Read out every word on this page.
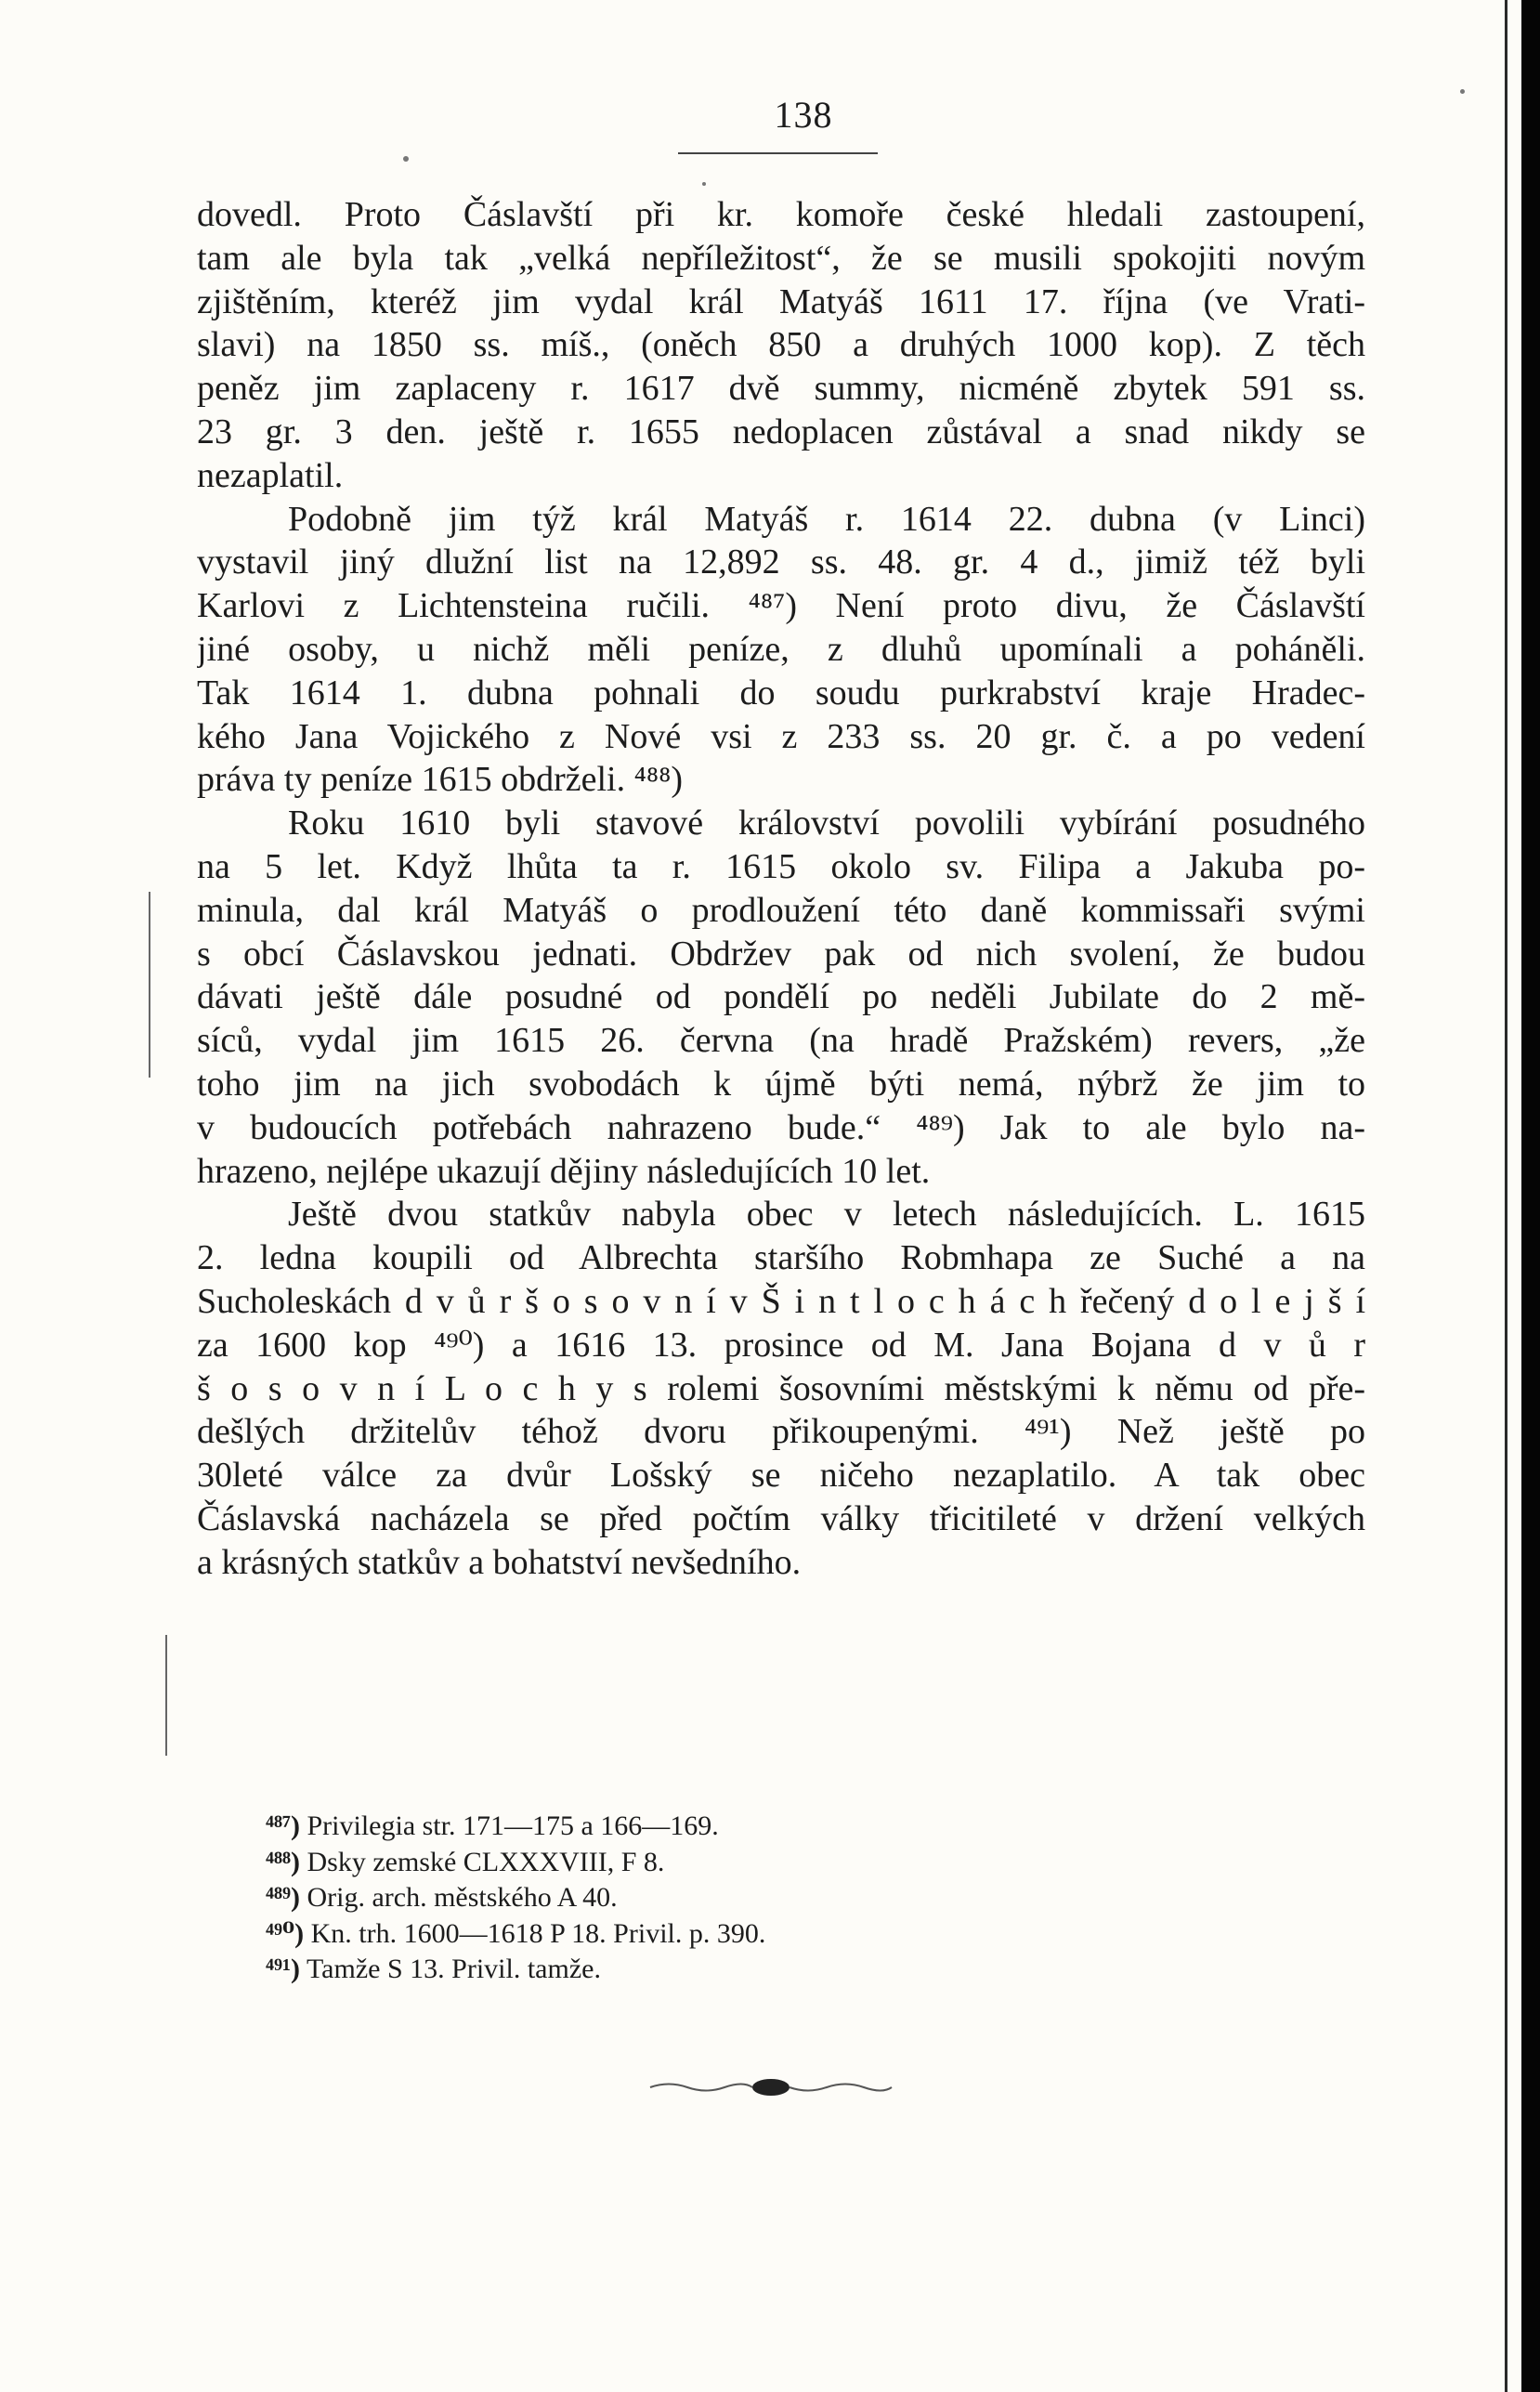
138
dovedl. Proto Čáslavští při kr. komoře české hledali zastoupení,
tam ale byla tak „velká nepříležitost“, že se musili spokojiti novým
zjištěním, kteréž jim vydal král Matyáš 1611 17. října (ve Vrati-
slavi) na 1850 ss. míš., (oněch 850 a druhých 1000 kop). Z těch
peněz jim zaplaceny r. 1617 dvě summy, nicméně zbytek 591 ss.
23 gr. 3 den. ještě r. 1655 nedoplacen zůstával a snad nikdy se
nezaplatil.
Podobně jim týž král Matyáš r. 1614 22. dubna (v Linci)
vystavil jiný dlužní list na 12,892 ss. 48. gr. 4 d., jimiž též byli
Karlovi z Lichtensteina ručili. ⁴⁸⁷) Není proto divu, že Čáslavští
jiné osoby, u nichž měli peníze, z dluhů upomínali a poháněli.
Tak 1614 1. dubna pohnali do soudu purkrabství kraje Hradec-
kého Jana Vojického z Nové vsi z 233 ss. 20 gr. č. a po vedení
práva ty peníze 1615 obdrželi. ⁴⁸⁸)
Roku 1610 byli stavové království povolili vybírání posudného
na 5 let. Když lhůta ta r. 1615 okolo sv. Filipa a Jakuba po-
minula, dal král Matyáš o prodloužení této daně kommissaři svými
s obcí Čáslavskou jednati. Obdržev pak od nich svolení, že budou
dávati ještě dále posudné od pondělí po neděli Jubilate do 2 mě-
síců, vydal jim 1615 26. června (na hradě Pražském) revers, „že
toho jim na jich svobodách k újmě býti nemá, nýbrž že jim to
v budoucích potřebách nahrazeno bude.“ ⁴⁸⁹) Jak to ale bylo na-
hrazeno, nejlépe ukazují dějiny následujících 10 let.
Ještě dvou statkův nabyla obec v letech následujících. L. 1615
2. ledna koupili od Albrechta staršího Robmhapa ze Suché a na
Sucholeskách d v ů r š o s o v n í v Š i n t l o c h á c h řečený d o l e j š í
za 1600 kop ⁴⁹⁰) a 1616 13. prosince od M. Jana Bojana d v ů r
š o s o v n í L o c h y s rolemi šosovními městskými k němu od pře-
dešlých držitelův téhož dvoru přikoupenými. ⁴⁹¹) Než ještě po
30leté válce za dvůr Lošský se ničeho nezaplatilo. A tak obec
Čáslavská nacházela se před počtím války třicitileté v držení velkých
a krásných statkův a bohatství nevšedního.
⁴⁸⁷) Privilegia str. 171—175 a 166—169.
⁴⁸⁸) Dsky zemské CLXXXVIII, F 8.
⁴⁸⁹) Orig. arch. městského A 40.
⁴⁹⁰) Kn. trh. 1600—1618 P 18. Privil. p. 390.
⁴⁹¹) Tamže S 13. Privil. tamže.
